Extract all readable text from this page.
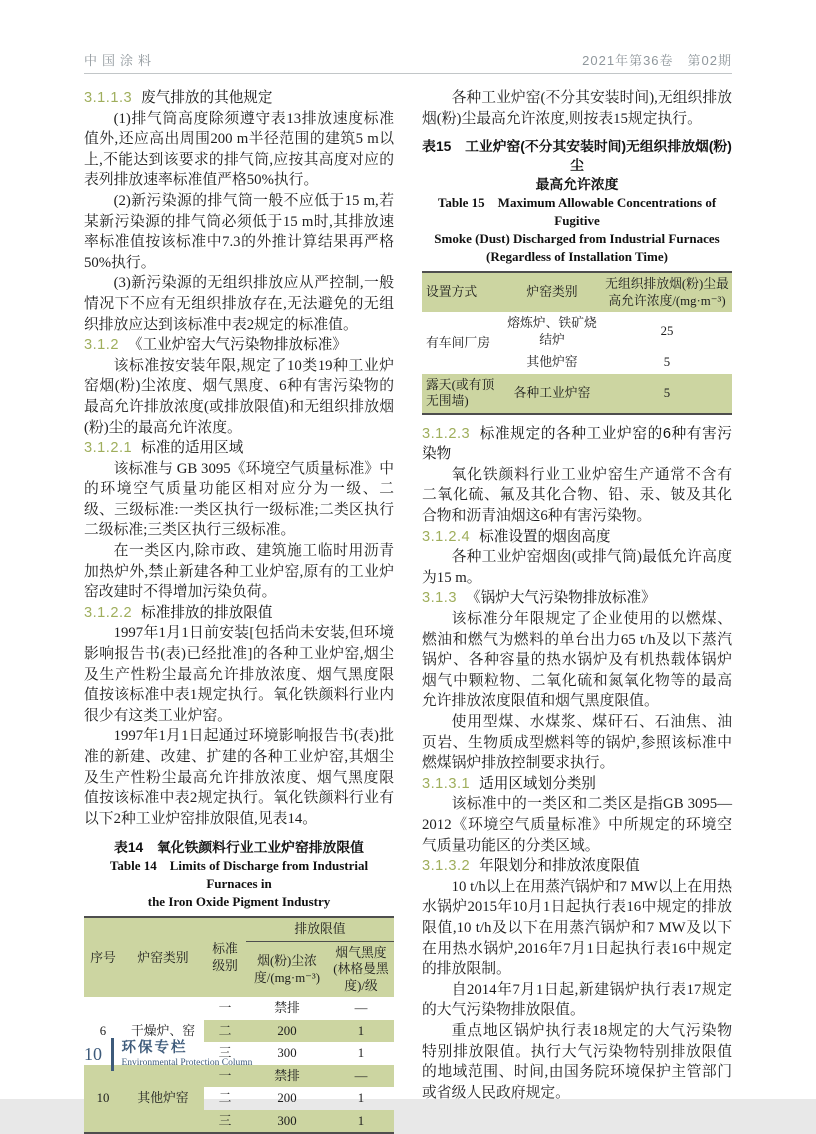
中国涂料	2021年第36卷　第02期
3.1.1.3 废气排放的其他规定

(1)排气筒高度除须遵守表13排放速度标准值外,还应高出周围200 m半径范围的建筑5 m以上,不能达到该要求的排气筒,应按其高度对应的表列排放速率标准值严格50%执行。

(2)新污染源的排气筒一般不应低于15 m,若某新污染源的排气筒必须低于15 m时,其排放速率标准值按该标准中7.3的外推计算结果再严格50%执行。

(3)新污染源的无组织排放应从严控制,一般情况下不应有无组织排放存在,无法避免的无组织排放应达到该标准中表2规定的标准值。

3.1.2 《工业炉窑大气污染物排放标准》

该标准按安装年限,规定了10类19种工业炉窑烟(粉)尘浓度、烟气黑度、6种有害污染物的最高允许排放浓度(或排放限值)和无组织排放烟(粉)尘的最高允许浓度。

3.1.2.1 标准的适用区域

该标准与 GB 3095《环境空气质量标准》中的环境空气质量功能区相对应分为一级、二级、三级标准:一类区执行一级标准;二类区执行二级标准;三类区执行三级标准。

在一类区内,除市政、建筑施工临时用沥青加热炉外,禁止新建各种工业炉窑,原有的工业炉窑改建时不得增加污染负荷。

3.1.2.2 标准排放的排放限值

1997年1月1日前安装[包括尚未安装,但环境影响报告书(表)已经批准]的各种工业炉窑,烟尘及生产性粉尘最高允许排放浓度、烟气黑度限值按该标准中表1规定执行。氧化铁颜料行业内很少有这类工业炉窑。

1997年1月1日起通过环境影响报告书(表)批准的新建、改建、扩建的各种工业炉窑,其烟尘及生产性粉尘最高允许排放浓度、烟气黑度限值按该标准中表2规定执行。氧化铁颜料行业有以下2种工业炉窑排放限值,见表14。

表14　氧化铁颜料行业工业炉窑排放限值

Table 14　Limits of Discharge from Industrial Furnaces in

the Iron Oxide Pigment Industry

序号	炉窑类别	标准级别	排放限值	
			烟(粉)尘浓度/(mg·m⁻³)	烟气黑度(林格曼黑度)/级
6	干燥炉、窑	一	禁排	—
		二	200	1
		三	300	1
10	其他炉窑	一	禁排	—
		二	200	1
		三	300	1

各种工业炉窑(不分其安装时间),无组织排放烟(粉)尘最高允许浓度,则按表15规定执行。

表15　工业炉窑(不分其安装时间)无组织排放烟(粉)尘

最高允许浓度

Table 15　Maximum Allowable Concentrations of Fugitive

Smoke (Dust) Discharged from Industrial Furnaces

(Regardless of Installation Time)

设置方式	炉窑类别	无组织排放烟(粉)尘最高允许浓度/(mg·m⁻³)
有车间厂房	熔炼炉、铁矿烧结炉	25
	其他炉窑	5
露天(或有顶无围墙)	各种工业炉窑	5
3.1.2.3 标准规定的各种工业炉窑的6种有害污染物

氧化铁颜料行业工业炉窑生产通常不含有二氧化硫、氟及其化合物、铅、汞、铍及其化合物和沥青油烟这6种有害污染物。

3.1.2.4 标准设置的烟囱高度

各种工业炉窑烟囱(或排气筒)最低允许高度为15 m。

3.1.3 《锅炉大气污染物排放标准》

该标准分年限规定了企业使用的以燃煤、燃油和燃气为燃料的单台出力65 t/h及以下蒸汽锅炉、各种容量的热水锅炉及有机热载体锅炉烟气中颗粒物、二氧化硫和氮氧化物等的最高允许排放浓度限值和烟气黑度限值。

使用型煤、水煤浆、煤矸石、石油焦、油页岩、生物质成型燃料等的锅炉,参照该标准中燃煤锅炉排放控制要求执行。

3.1.3.1 适用区域划分类别

该标准中的一类区和二类区是指GB 3095—2012《环境空气质量标准》中所规定的环境空气质量功能区的分类区域。

3.1.3.2 年限划分和排放浓度限值

10 t/h以上在用蒸汽锅炉和7 MW以上在用热水锅炉2015年10月1日起执行表16中规定的排放限值,10 t/h及以下在用蒸汽锅炉和7 MW及以下在用热水锅炉,2016年7月1日起执行表16中规定的排放限制。

自2014年7月1日起,新建锅炉执行表17规定的大气污染物排放限值。

重点地区锅炉执行表18规定的大气污染物特别排放限值。执行大气污染物特别排放限值的地域范围、时间,由国务院环境保护主管部门或省级人民政府规定。

10 环保专栏
Environmental Protection Column
